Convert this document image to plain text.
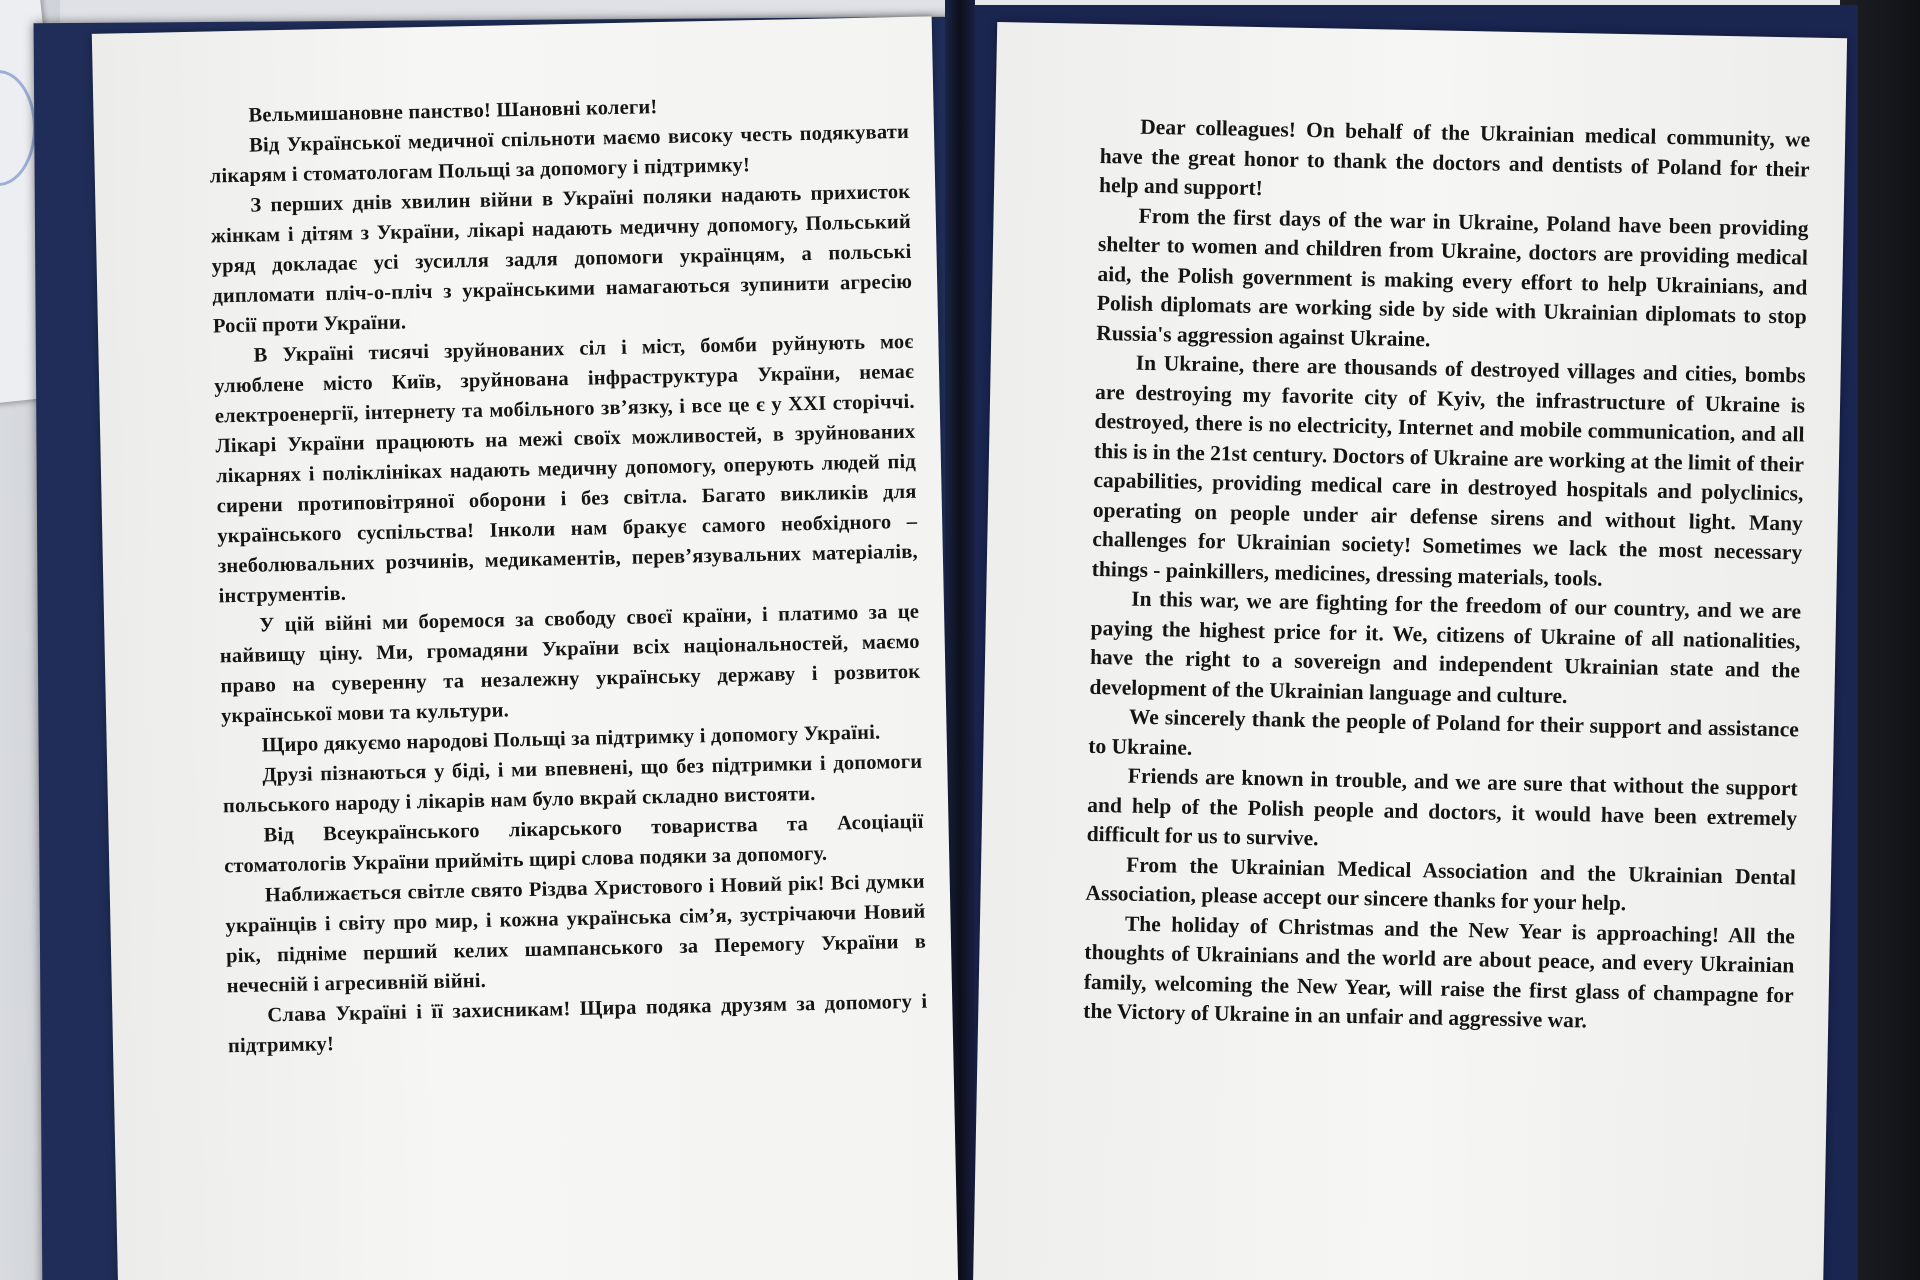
Вельмишановне панство! Шановні колеги!

Від Української медичної спільноти маємо високу честь подякувати лікарям і стоматологам Польщі за допомогу і підтримку!

З перших днів хвилин війни в Україні поляки надають прихисток жінкам і дітям з України, лікарі надають медичну допомогу, Польський уряд докладає усі зусилля задля допомоги українцям, а польські дипломати пліч-о-пліч з українськими намагаються зупинити агресію Росії проти України.

В Україні тисячі зруйнованих сіл і міст, бомби руйнують моє улюблене місто Київ, зруйнована інфраструктура України, немає електроенергії, інтернету та мобільного зв’язку, і все це є у XXI сторіччі. Лікарі України працюють на межі своїх можливостей, в зруйнованих лікарнях і поліклініках надають медичну допомогу, оперують людей під сирени протиповітряної оборони і без світла. Багато викликів для українського суспільства! Інколи нам бракує самого необхідного – знеболювальних розчинів, медикаментів, перев’язувальних матеріалів, інструментів.

У цій війні ми боремося за свободу своєї країни, і платимо за це найвищу ціну. Ми, громадяни України всіх національностей, маємо право на суверенну та незалежну українську державу і розвиток української мови та культури.

Щиро дякуємо народові Польщі за підтримку і допомогу Україні.

Друзі пізнаються у біді, і ми впевнені, що без підтримки і допомоги польського народу і лікарів нам було вкрай складно вистояти.

Від Всеукраїнського лікарського товариства та Асоціації стоматологів України прийміть щирі слова подяки за допомогу.

Наближається світле свято Різдва Христового і Новий рік! Всі думки українців і світу про мир, і кожна українська сім’я, зустрічаючи Новий рік, підніме перший келих шампанського за Перемогу України в нечесній і агресивній війні.

Слава Україні і її захисникам! Щира подяка друзям за допомогу і підтримку!

Dear colleagues! On behalf of the Ukrainian medical community, we have the great honor to thank the doctors and dentists of Poland for their help and support!

From the first days of the war in Ukraine, Poland have been providing shelter to women and children from Ukraine, doctors are providing medical aid, the Polish government is making every effort to help Ukrainians, and Polish diplomats are working side by side with Ukrainian diplomats to stop Russia's aggression against Ukraine.

In Ukraine, there are thousands of destroyed villages and cities, bombs are destroying my favorite city of Kyiv, the infrastructure of Ukraine is destroyed, there is no electricity, Internet and mobile communication, and all this is in the 21st century. Doctors of Ukraine are working at the limit of their capabilities, providing medical care in destroyed hospitals and polyclinics, operating on people under air defense sirens and without light. Many challenges for Ukrainian society! Sometimes we lack the most necessary things - painkillers, medicines, dressing materials, tools.

In this war, we are fighting for the freedom of our country, and we are paying the highest price for it. We, citizens of Ukraine of all nationalities, have the right to a sovereign and independent Ukrainian state and the development of the Ukrainian language and culture.

We sincerely thank the people of Poland for their support and assistance to Ukraine.

Friends are known in trouble, and we are sure that without the support and help of the Polish people and doctors, it would have been extremely difficult for us to survive.

From the Ukrainian Medical Association and the Ukrainian Dental Association, please accept our sincere thanks for your help.

The holiday of Christmas and the New Year is approaching! All the thoughts of Ukrainians and the world are about peace, and every Ukrainian family, welcoming the New Year, will raise the first glass of champagne for the Victory of Ukraine in an unfair and aggressive war.
